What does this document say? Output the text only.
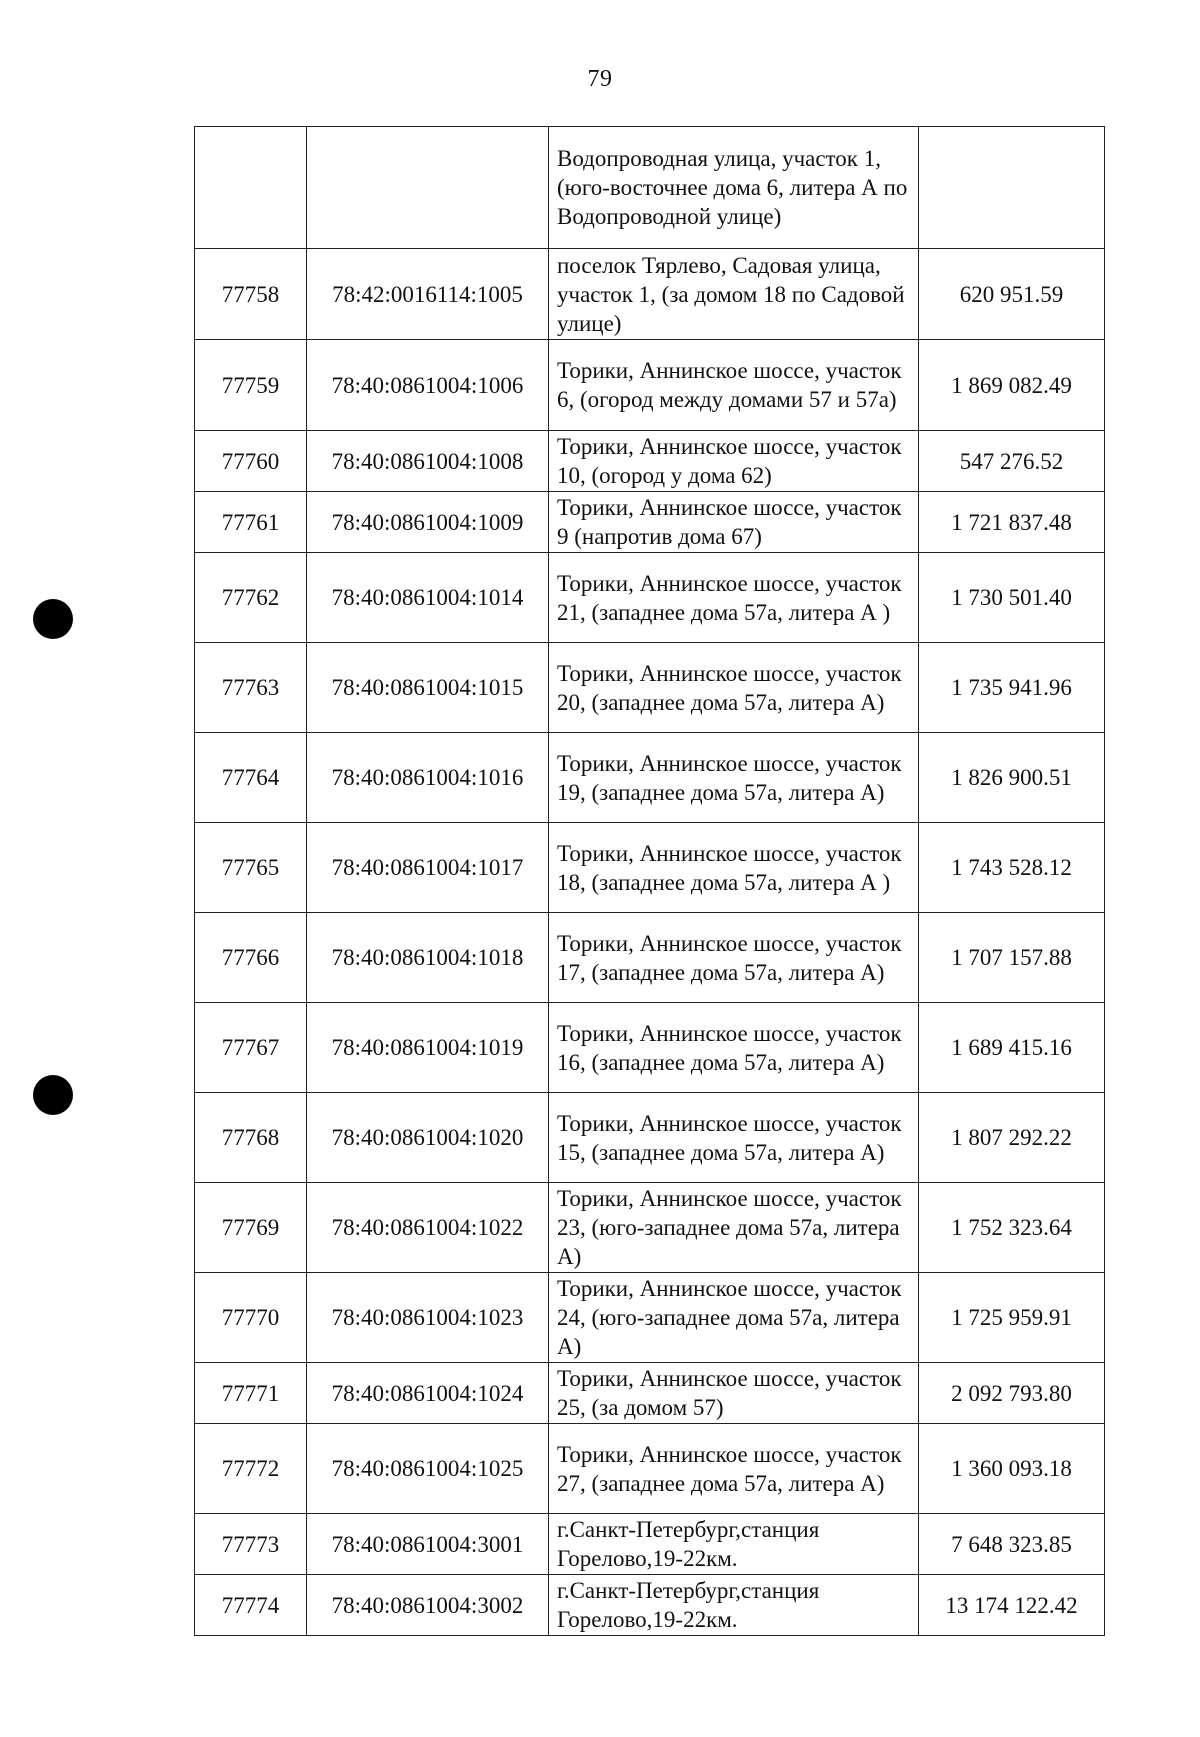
79
		Водопроводная улица, участок 1, (юго-восточнее дома 6, литера А по Водопроводной улице)	
77758	78:42:0016114:1005	поселок Тярлево, Садовая улица, участок 1, (за домом 18 по Садовой улице)	620 951.59
77759	78:40:0861004:1006	Торики, Аннинское шоссе, участок 6, (огород между домами 57 и 57а)	1 869 082.49
77760	78:40:0861004:1008	Торики, Аннинское шоссе, участок 10, (огород у дома 62)	547 276.52
77761	78:40:0861004:1009	Торики, Аннинское шоссе, участок 9 (напротив дома 67)	1 721 837.48
77762	78:40:0861004:1014	Торики, Аннинское шоссе, участок 21, (западнее дома 57а, литера А )	1 730 501.40
77763	78:40:0861004:1015	Торики, Аннинское шоссе, участок 20, (западнее дома 57а, литера А)	1 735 941.96
77764	78:40:0861004:1016	Торики, Аннинское шоссе, участок 19, (западнее дома 57а, литера А)	1 826 900.51
77765	78:40:0861004:1017	Торики, Аннинское шоссе, участок 18, (западнее дома 57а, литера А )	1 743 528.12
77766	78:40:0861004:1018	Торики, Аннинское шоссе, участок 17, (западнее дома 57а, литера А)	1 707 157.88
77767	78:40:0861004:1019	Торики, Аннинское шоссе, участок 16, (западнее дома 57а, литера А)	1 689 415.16
77768	78:40:0861004:1020	Торики, Аннинское шоссе, участок 15, (западнее дома 57а, литера А)	1 807 292.22
77769	78:40:0861004:1022	Торики, Аннинское шоссе, участок 23, (юго-западнее дома 57а, литера А)	1 752 323.64
77770	78:40:0861004:1023	Торики, Аннинское шоссе, участок 24, (юго-западнее дома 57а, литера А)	1 725 959.91
77771	78:40:0861004:1024	Торики, Аннинское шоссе, участок 25, (за домом 57)	2 092 793.80
77772	78:40:0861004:1025	Торики, Аннинское шоссе, участок 27, (западнее дома 57а, литера А)	1 360 093.18
77773	78:40:0861004:3001	г.Санкт-Петербург,станция Горелово,19-22км.	7 648 323.85
77774	78:40:0861004:3002	г.Санкт-Петербург,станция Горелово,19-22км.	13 174 122.42
